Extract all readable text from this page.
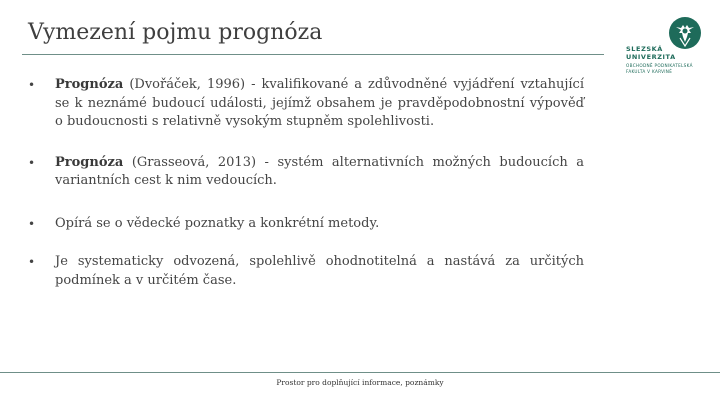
Vymezení pojmu prognóza
SLEZSKÁ
UNIVERZITA
OBCHODNĚ PODNIKATELSKÁ
FAKULTA V KARVINÉ
• Prognóza (Dvořáček, 1996) - kvalifikované a zdůvodněné vyjádření vztahující se k neznámé budoucí události, jejímž obsahem je pravděpodobnostní výpověď o budoucnosti s relativně vysokým stupněm spolehlivosti.
• Prognóza (Grasseová, 2013) - systém alternativních možných budoucích a variantních cest k nim vedoucích.
• Opírá se o vědecké poznatky a konkrétní metody.
• Je systematicky odvozená, spolehlivě ohodnotitelná a nastává za určitých podmínek a v určitém čase.
Prostor pro doplňující informace, poznámky
